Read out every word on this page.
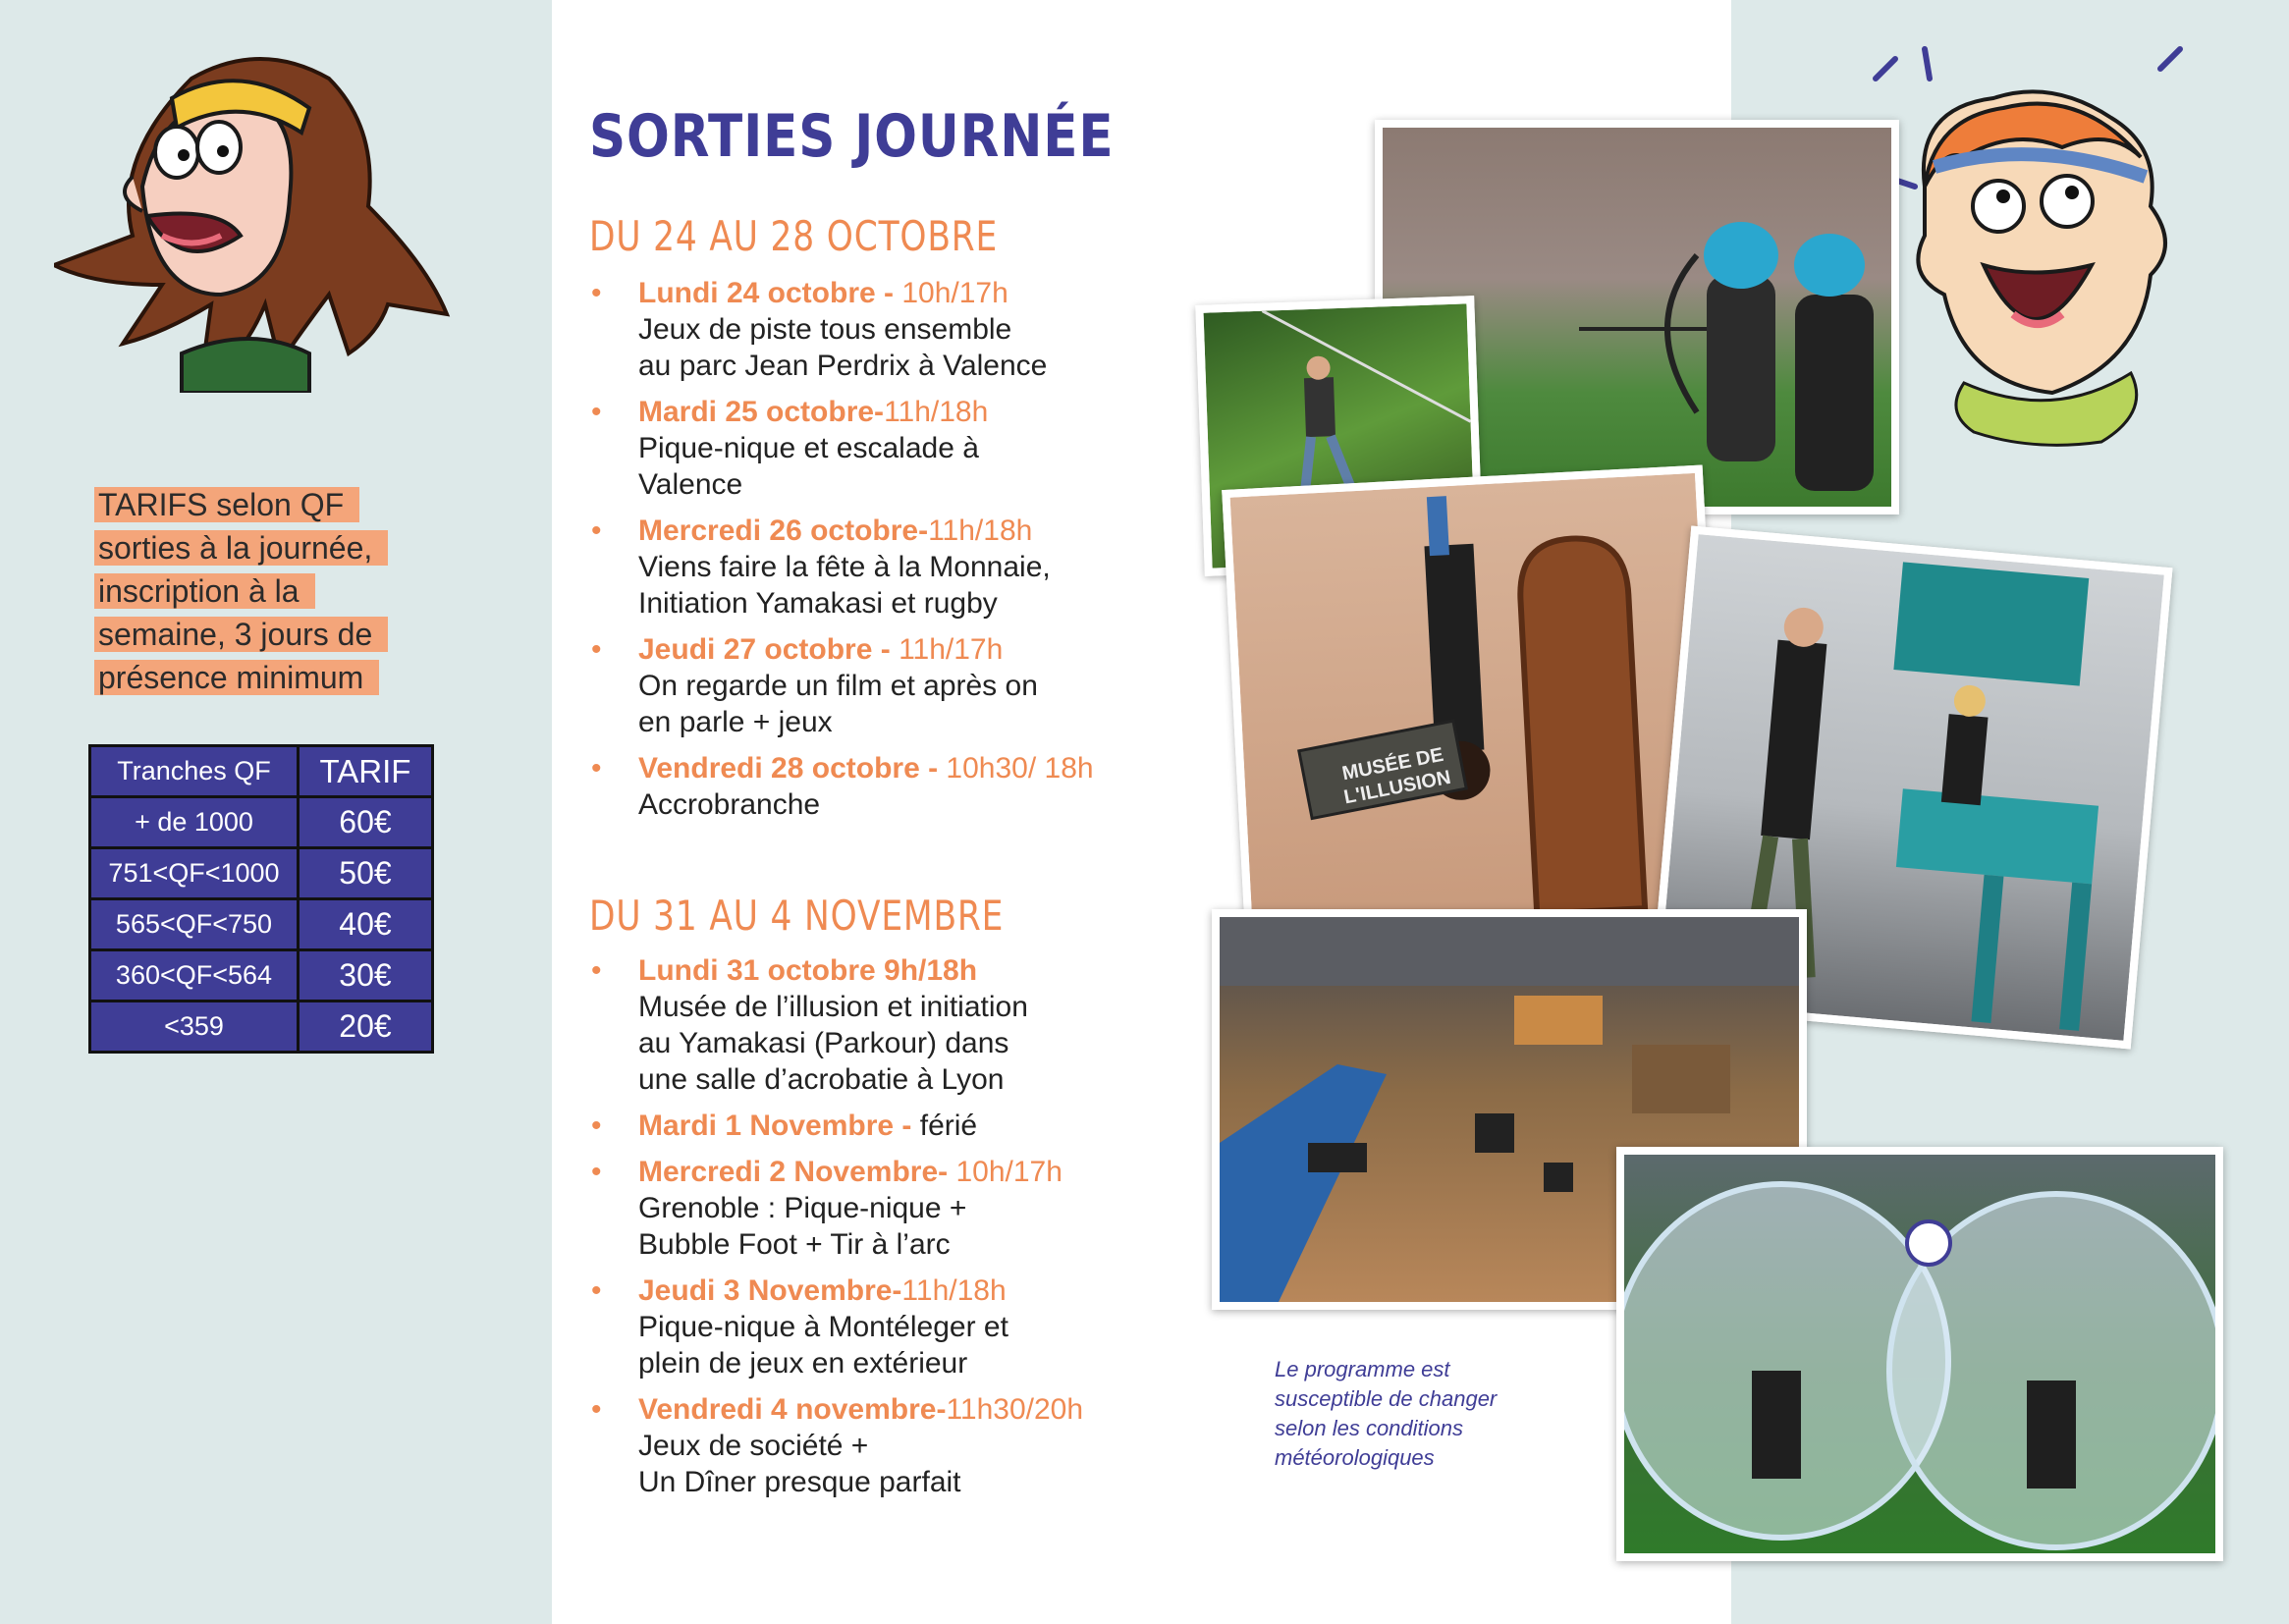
TARIFS selon QF
sorties à la journée,
inscription à la
semaine, 3 jours de
présence minimum
Tranches QF	TARIF
+ de 1000	60€
751<QF<1000	50€
565<QF<750	40€
360<QF<564	30€
<359	20€
SORTIES JOURNÉE
DU 24 AU 28 OCTOBRE
• Lundi 24 octobre - 10h/17h
Jeux de piste tous ensemble
au parc Jean Perdrix à Valence
• Mardi 25 octobre-11h/18h
Pique-nique et escalade à
Valence
• Mercredi 26 octobre-11h/18h
Viens faire la fête à la Monnaie,
Initiation Yamakasi et rugby
• Jeudi 27 octobre - 11h/17h
On regarde un film et après on
en parle + jeux
• Vendredi 28 octobre - 10h30/ 18h
Accrobranche
DU 31 AU 4 NOVEMBRE
• Lundi 31 octobre 9h/18h
Musée de l’illusion et initiation
au Yamakasi (Parkour) dans
une salle d’acrobatie à Lyon
• Mardi 1 Novembre - férié
• Mercredi 2 Novembre- 10h/17h
Grenoble : Pique-nique +
Bubble Foot + Tir à l’arc
• Jeudi 3 Novembre-11h/18h
Pique-nique à Montéleger et
plein de jeux en extérieur
• Vendredi 4 novembre-11h30/20h
Jeux de société +
Un Dîner presque parfait
MUSÉE DE
L'ILLUSION
Le programme est
susceptible de changer
selon les conditions
météorologiques
